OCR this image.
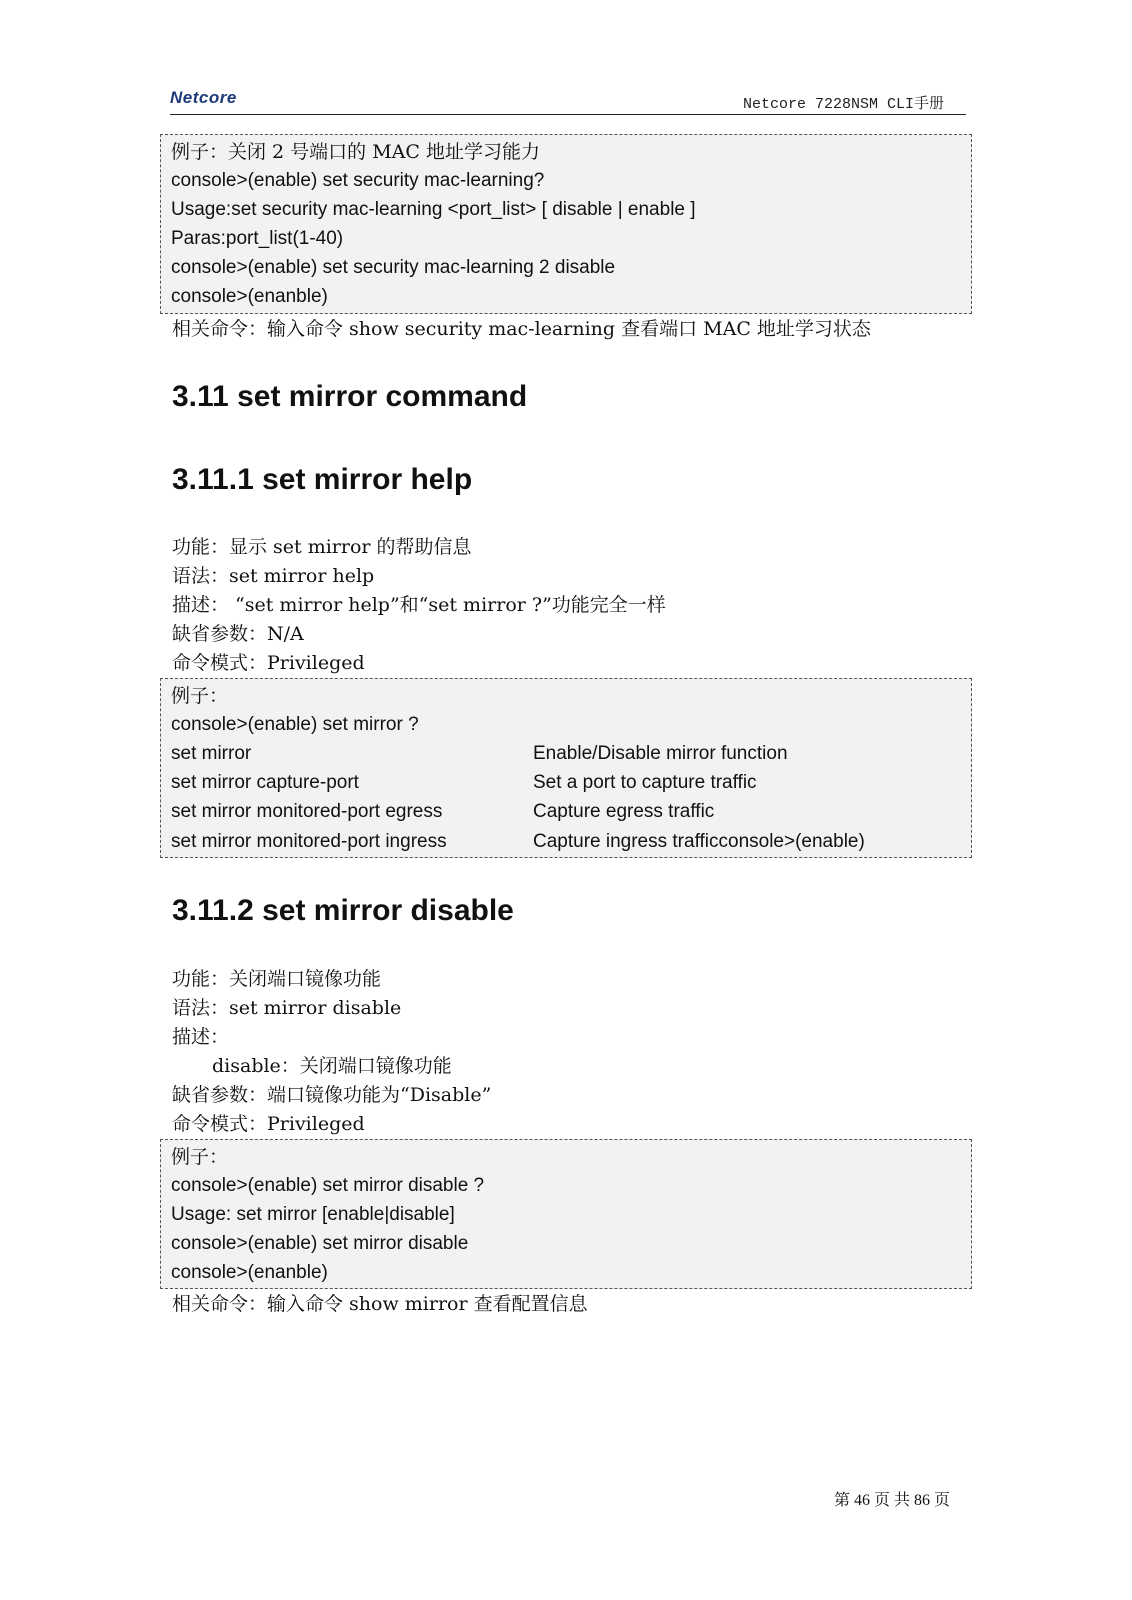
Netcore	Netcore 7228NSM CLI手册
例子：关闭 2 号端口的 MAC 地址学习能力
console>(enable) set security mac-learning?
Usage:set security mac-learning <port_list> [ disable | enable ]
Paras:port_list(1-40)
console>(enable) set security mac-learning 2 disable
console>(enanble)
相关命令：输入命令 show security mac-learning 查看端口 MAC 地址学习状态
3.11 set mirror command
3.11.1 set mirror help
功能：显示 set mirror 的帮助信息
语法：set mirror help
描述： “set mirror help”和“set mirror ?”功能完全一样
缺省参数：N/A
命令模式：Privileged
例子：
console>(enable) set mirror ?
set mirror	Enable/Disable mirror function
set mirror capture-port	Set a port to capture traffic
set mirror monitored-port egress	Capture egress traffic
set mirror monitored-port ingress	Capture ingress trafficconsole>(enable)
3.11.2 set mirror disable
功能：关闭端口镜像功能
语法：set mirror disable
描述：
disable：关闭端口镜像功能
缺省参数：端口镜像功能为“Disable”
命令模式：Privileged
例子：
console>(enable) set mirror disable ?
Usage: set mirror [enable|disable]
console>(enable) set mirror disable
console>(enanble)
相关命令：输入命令 show mirror 查看配置信息
第 46 页 共 86 页
